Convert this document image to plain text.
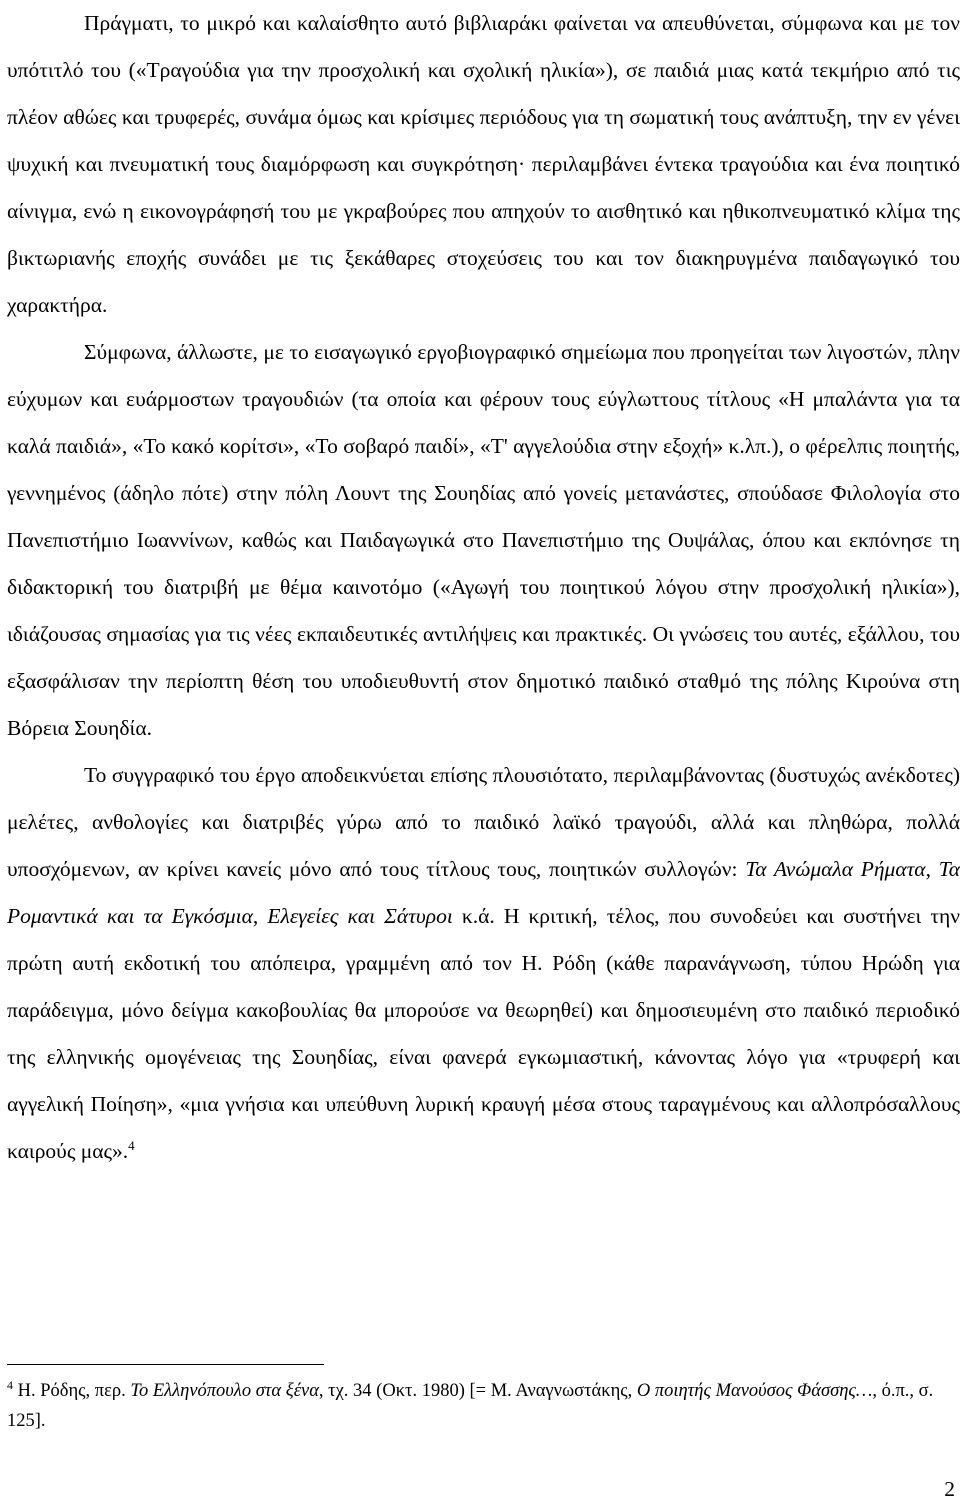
Πράγματι, το μικρό και καλαίσθητο αυτό βιβλιαράκι φαίνεται να απευθύνεται, σύμφωνα και με τον υπότιτλό του («Τραγούδια για την προσχολική και σχολική ηλικία»), σε παιδιά μιας κατά τεκμήριο από τις πλέον αθώες και τρυφερές, συνάμα όμως και κρίσιμες περιόδους για τη σωματική τους ανάπτυξη, την εν γένει ψυχική και πνευματική τους διαμόρφωση και συγκρότηση· περιλαμβάνει έντεκα τραγούδια και ένα ποιητικό αίνιγμα, ενώ η εικονογράφησή του με γκραβούρες που απηχούν το αισθητικό και ηθικοπνευματικό κλίμα της βικτωριανής εποχής συνάδει με τις ξεκάθαρες στοχεύσεις του και τον διακηρυγμένα παιδαγωγικό του χαρακτήρα.

Σύμφωνα, άλλωστε, με το εισαγωγικό εργοβιογραφικό σημείωμα που προηγείται των λιγοστών, πλην εύχυμων και ευάρμοστων τραγουδιών (τα οποία και φέρουν τους εύγλωττους τίτλους «Η μπαλάντα για τα καλά παιδιά», «Το κακό κορίτσι», «Το σοβαρό παιδί», «Τ' αγγελούδια στην εξοχή» κ.λπ.), ο φέρελπις ποιητής, γεννημένος (άδηλο πότε) στην πόλη Λουντ της Σουηδίας από γονείς μετανάστες, σπούδασε Φιλολογία στο Πανεπιστήμιο Ιωαννίνων, καθώς και Παιδαγωγικά στο Πανεπιστήμιο της Ουψάλας, όπου και εκπόνησε τη διδακτορική του διατριβή με θέμα καινοτόμο («Αγωγή του ποιητικού λόγου στην προσχολική ηλικία»), ιδιάζουσας σημασίας για τις νέες εκπαιδευτικές αντιλήψεις και πρακτικές. Οι γνώσεις του αυτές, εξάλλου, του εξασφάλισαν την περίοπτη θέση του υποδιευθυντή στον δημοτικό παιδικό σταθμό της πόλης Κιρούνα στη Βόρεια Σουηδία.

Το συγγραφικό του έργο αποδεικνύεται επίσης πλουσιότατο, περιλαμβάνοντας (δυστυχώς ανέκδοτες) μελέτες, ανθολογίες και διατριβές γύρω από το παιδικό λαϊκό τραγούδι, αλλά και πληθώρα, πολλά υποσχόμενων, αν κρίνει κανείς μόνο από τους τίτλους τους, ποιητικών συλλογών: Τα Ανώμαλα Ρήματα, Τα Ρομαντικά και τα Εγκόσμια, Ελεγείες και Σάτυροι κ.ά. Η κριτική, τέλος, που συνοδεύει και συστήνει την πρώτη αυτή εκδοτική του απόπειρα, γραμμένη από τον Η. Ρόδη (κάθε παρανάγνωση, τύπου Ηρώδη για παράδειγμα, μόνο δείγμα κακοβουλίας θα μπορούσε να θεωρηθεί) και δημοσιευμένη στο παιδικό περιοδικό της ελληνικής ομογένειας της Σουηδίας, είναι φανερά εγκωμιαστική, κάνοντας λόγο για «τρυφερή και αγγελική Ποίηση», «μια γνήσια και υπεύθυνη λυρική κραυγή μέσα στους ταραγμένους και αλλοπρόσαλλους καιρούς μας».$^4$

$^4$ Η. Ρόδης, περ. Το Ελληνόπουλο στα ξένα, τχ. 34 (Οκτ. 1980) [= Μ. Αναγνωστάκης, Ο ποιητής Μανούσος Φάσσης…, ό.π., σ. 125].

2
